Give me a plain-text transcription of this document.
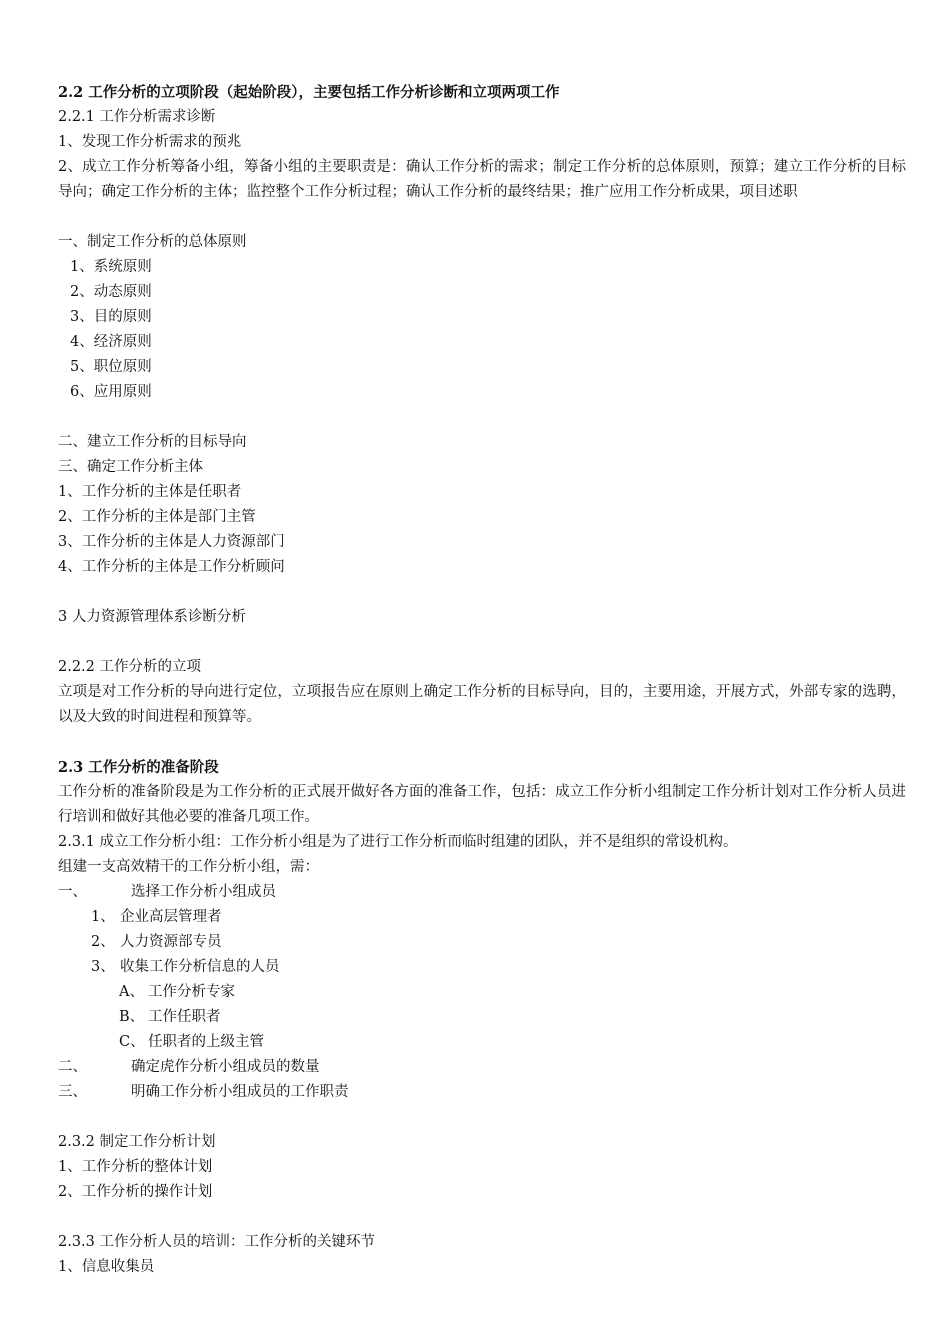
2.2 工作分析的立项阶段（起始阶段），主要包括工作分析诊断和立项两项工作
2.2.1 工作分析需求诊断
1、发现工作分析需求的预兆
2、成立工作分析筹备小组，筹备小组的主要职责是：确认工作分析的需求；制定工作分析的总体原则，预算；建立工作分析的目标导向；确定工作分析的主体；监控整个工作分析过程；确认工作分析的最终结果；推广应用工作分析成果，项目述职
一、制定工作分析的总体原则
1、系统原则
2、动态原则
3、目的原则
4、经济原则
5、职位原则
6、应用原则
二、建立工作分析的目标导向
三、确定工作分析主体
1、工作分析的主体是任职者
2、工作分析的主体是部门主管
3、工作分析的主体是人力资源部门
4、工作分析的主体是工作分析顾问
3 人力资源管理体系诊断分析
2.2.2 工作分析的立项
立项是对工作分析的导向进行定位，立项报告应在原则上确定工作分析的目标导向，目的，主要用途，开展方式，外部专家的选聘，以及大致的时间进程和预算等。
2.3 工作分析的准备阶段
工作分析的准备阶段是为工作分析的正式展开做好各方面的准备工作，包括：成立工作分析小组制定工作分析计划对工作分析人员进行培训和做好其他必要的准备几项工作。
2.3.1 成立工作分析小组：工作分析小组是为了进行工作分析而临时组建的团队，并不是组织的常设机构。
组建一支高效精干的工作分析小组，需：
一、	选择工作分析小组成员
1、 企业高层管理者
2、 人力资源部专员
3、 收集工作分析信息的人员
A、 工作分析专家
B、 工作任职者
C、 任职者的上级主管
二、	确定虎作分析小组成员的数量
三、	明确工作分析小组成员的工作职责
2.3.2 制定工作分析计划
1、工作分析的整体计划
2、工作分析的操作计划
2.3.3 工作分析人员的培训：工作分析的关键环节
1、信息收集员
